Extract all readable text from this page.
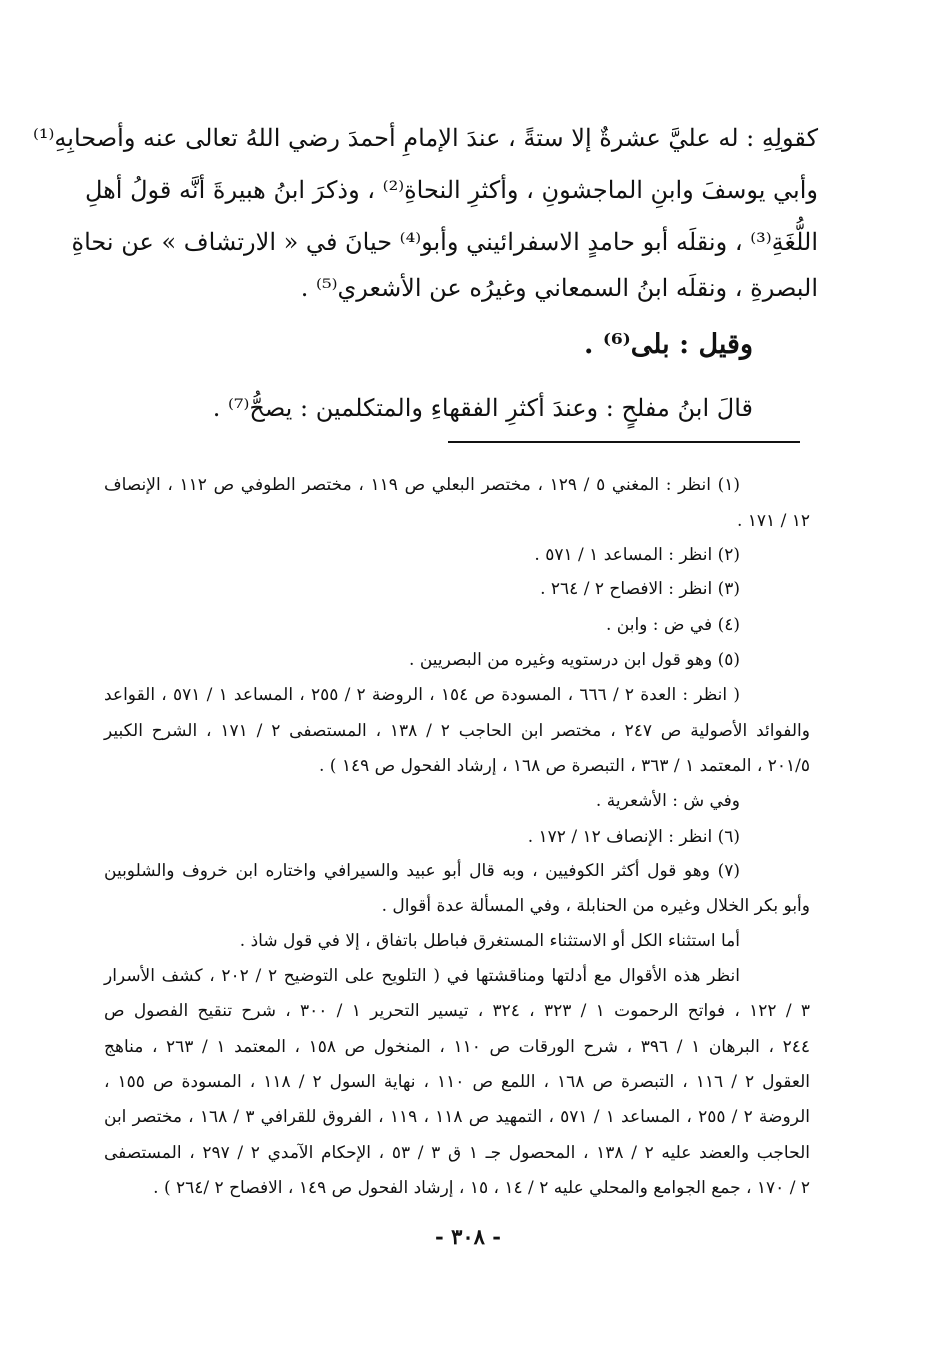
كقولِهِ : له عليَّ عشرةٌ إلا ستةً ، عندَ الإمامِ أحمدَ رضي اللهُ تعالى عنه وأصحابِهِ⁽¹⁾
وأبي يوسفَ وابنِ الماجشونِ ، وأكثرِ النحاةِ⁽²⁾ ، وذكرَ ابنُ هبيرةَ أنَّه قولُ أهلِ
اللُّغَةِ⁽³⁾ ، ونقلَه أبو حامدٍ الاسفرائيني وأبو⁽⁴⁾ حيانَ في « الارتشاف » عن نحاةِ
البصرةِ ، ونقلَه ابنُ السمعاني وغيرُه عن الأشعري⁽⁵⁾ .
وقيل : بلى⁽⁶⁾ .
قالَ ابنُ مفلحٍ : وعندَ أكثرِ الفقهاءِ والمتكلمين : يصحُّ⁽⁷⁾ .
(١) انظر : المغني ٥ / ١٢٩ ، مختصر البعلي ص ١١٩ ، مختصر الطوفي ص ١١٢ ، الإنصاف
١٢ / ١٧١ .
(٢) انظر : المساعد ١ / ٥٧١ .
(٣) انظر : الافصاح ٢ / ٢٦٤ .
(٤) في ض : وابن .
(٥) وهو قول ابن درستويه وغيره من البصريين .
( انظر : العدة ٢ / ٦٦٦ ، المسودة ص ١٥٤ ، الروضة ٢ / ٢٥٥ ، المساعد ١ / ٥٧١ ، القواعد
والفوائد الأصولية ص ٢٤٧ ، مختصر ابن الحاجب ٢ / ١٣٨ ، المستصفى ٢ / ١٧١ ، الشرح الكبير
٢٠١/٥ ، المعتمد ١ / ٣٦٣ ، التبصرة ص ١٦٨ ، إرشاد الفحول ص ١٤٩ ) .
وفي ش : الأشعرية .
(٦) انظر : الإنصاف ١٢ / ١٧٢ .
(٧) وهو قول أكثر الكوفيين ، وبه قال أبو عبيد والسيرافي واختاره ابن خروف والشلوبين
وأبو بكر الخلال وغيره من الحنابلة ، وفي المسألة عدة أقوال .
أما استثناء الكل أو الاستثناء المستغرق فباطل باتفاق ، إلا في قول شاذ .
انظر هذه الأقوال مع أدلتها ومناقشتها في ( التلويح على التوضيح ٢ / ٢٠٢ ، كشف الأسرار
٣ / ١٢٢ ، فواتح الرحموت ١ / ٣٢٣ ، ٣٢٤ ، تيسير التحرير ١ / ٣٠٠ ، شرح تنقيح الفصول ص
٢٤٤ ، البرهان ١ / ٣٩٦ ، شرح الورقات ص ١١٠ ، المنخول ص ١٥٨ ، المعتمد ١ / ٢٦٣ ، مناهج
العقول ٢ / ١١٦ ، التبصرة ص ١٦٨ ، اللمع ص ١١٠ ، نهاية السول ٢ / ١١٨ ، المسودة ص ١٥٥ ،
الروضة ٢ / ٢٥٥ ، المساعد ١ / ٥٧١ ، التمهيد ص ١١٨ ، ١١٩ ، الفروق للقرافي ٣ / ١٦٨ ، مختصر ابن
الحاجب والعضد عليه ٢ / ١٣٨ ، المحصول جـ ١ ق ٣ / ٥٣ ، الإحكام الآمدي ٢ / ٢٩٧ ، المستصفى
٢ / ١٧٠ ، جمع الجوامع والمحلي عليه ٢ / ١٤ ، ١٥ ، إرشاد الفحول ص ١٤٩ ، الافصاح ٢ /٢٦٤ ) .
- ٣٠٨ -
